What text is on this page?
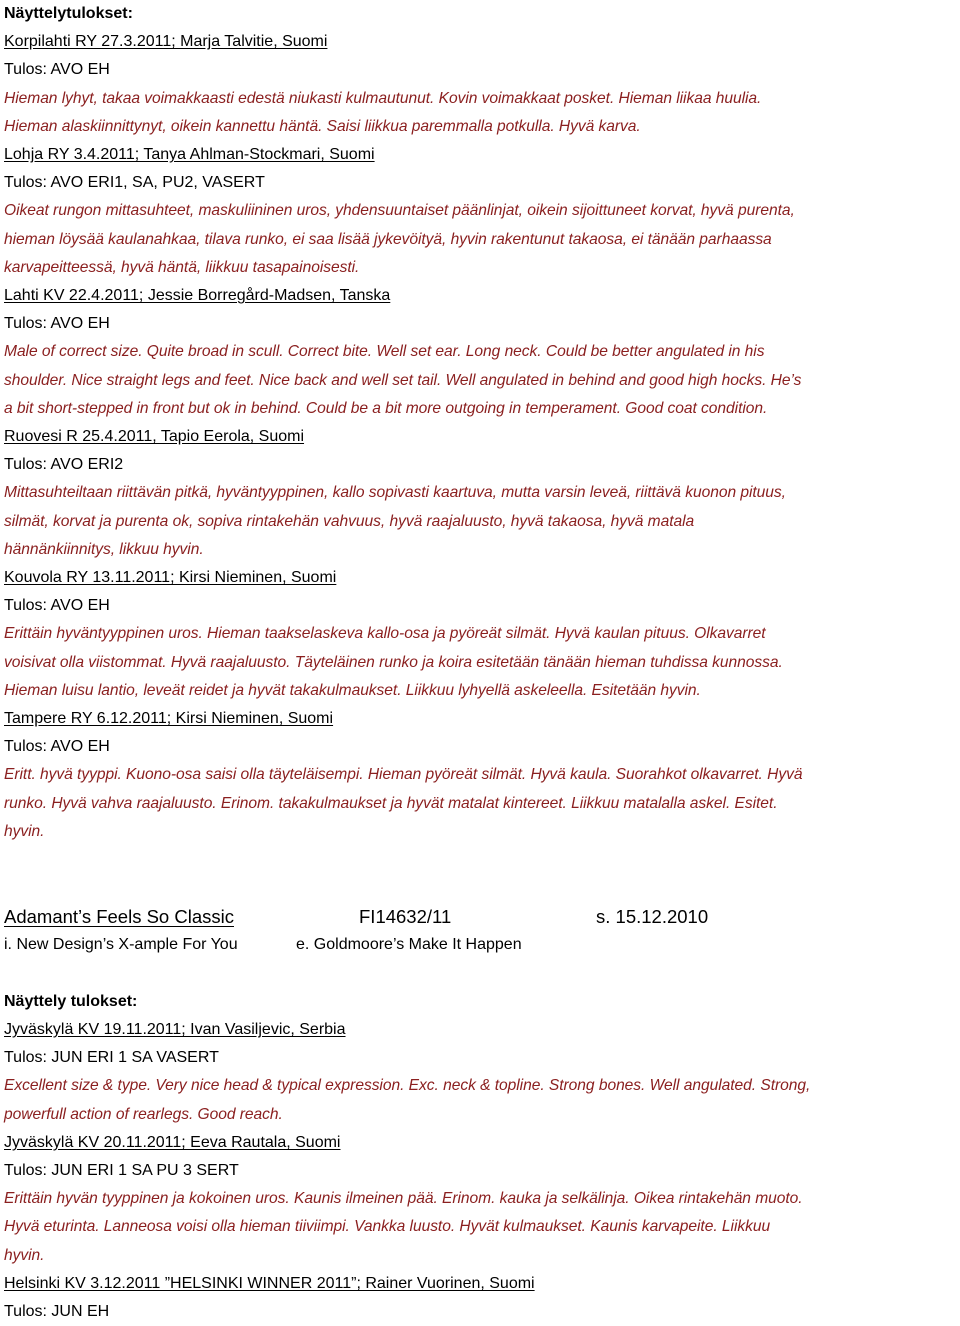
Näyttelytulokset:
Korpilahti RY 27.3.2011; Marja Talvitie, Suomi
Tulos: AVO EH
Hieman lyhyt, takaa voimakkaasti edestä niukasti kulmautunut. Kovin voimakkaat posket. Hieman liikaa huulia.
Hieman alaskiinnittynyt, oikein kannettu häntä. Saisi liikkua paremmalla potkulla. Hyvä karva.
Lohja RY 3.4.2011; Tanya Ahlman-Stockmari, Suomi
Tulos: AVO ERI1, SA, PU2, VASERT
Oikeat rungon mittasuhteet, maskuliininen uros, yhdensuuntaiset päänlinjat, oikein sijoittuneet korvat, hyvä purenta,
hieman löysää kaulanahkaa, tilava runko, ei saa lisää jykevöityä, hyvin rakentunut takaosa, ei tänään parhaassa
karvapeitteessä, hyvä häntä, liikkuu tasapainoisesti.
Lahti KV 22.4.2011; Jessie Borregård-Madsen, Tanska
Tulos: AVO EH
Male of correct size. Quite broad in scull. Correct bite. Well set ear. Long neck. Could be better angulated in his
shoulder. Nice straight legs and feet. Nice back and well set tail. Well angulated in behind and good high hocks. He’s
a bit short-stepped in front but ok in behind. Could be a bit more outgoing in temperament. Good coat condition.
Ruovesi R 25.4.2011, Tapio Eerola, Suomi
Tulos: AVO ERI2
Mittasuhteiltaan riittävän pitkä, hyväntyyppinen, kallo sopivasti kaartuva, mutta varsin leveä, riittävä kuonon pituus,
silmät, korvat ja purenta ok, sopiva rintakehän vahvuus, hyvä raajaluusto, hyvä takaosa, hyvä matala
hännänkiinnitys, likkuu hyvin.
Kouvola RY 13.11.2011; Kirsi Nieminen, Suomi
Tulos: AVO EH
Erittäin hyväntyyppinen uros. Hieman taakselaskeva kallo-osa ja pyöreät silmät. Hyvä kaulan pituus. Olkavarret
voisivat olla viistommat. Hyvä raajaluusto. Täyteläinen runko ja koira esitetään tänään hieman tuhdissa kunnossa.
Hieman luisu lantio, leveät reidet ja hyvät takakulmaukset. Liikkuu lyhyellä askeleella. Esitetään hyvin.
Tampere RY 6.12.2011; Kirsi Nieminen, Suomi
Tulos: AVO EH
Eritt. hyvä tyyppi. Kuono-osa saisi olla täyteläisempi. Hieman pyöreät silmät. Hyvä kaula. Suorahkot olkavarret. Hyvä
runko. Hyvä vahva raajaluusto. Erinom. takakulmaukset ja hyvät matalat kintereet. Liikkuu matalalla askel. Esitet.
hyvin.
Adamant’s Feels So Classic	FI14632/11	s. 15.12.2010
i. New Design’s X-ample For You	e. Goldmoore’s Make It Happen
Näyttely tulokset:
Jyväskylä KV 19.11.2011; Ivan Vasiljevic, Serbia
Tulos: JUN ERI 1 SA VASERT
Excellent size & type. Very nice head & typical expression. Exc. neck & topline. Strong bones. Well angulated. Strong,
powerfull action of rearlegs. Good reach.
Jyväskylä KV 20.11.2011; Eeva Rautala, Suomi
Tulos: JUN ERI 1 SA PU 3 SERT
Erittäin hyvän tyyppinen ja kokoinen uros. Kaunis ilmeinen pää. Erinom. kauka ja selkälinja. Oikea rintakehän muoto.
Hyvä eturinta. Lanneosa voisi olla hieman tiiviimpi. Vankka luusto. Hyvät kulmaukset. Kaunis karvapeite. Liikkuu
hyvin.
Helsinki KV 3.12.2011 ”HELSINKI WINNER 2011”; Rainer Vuorinen, Suomi
Tulos: JUN EH
